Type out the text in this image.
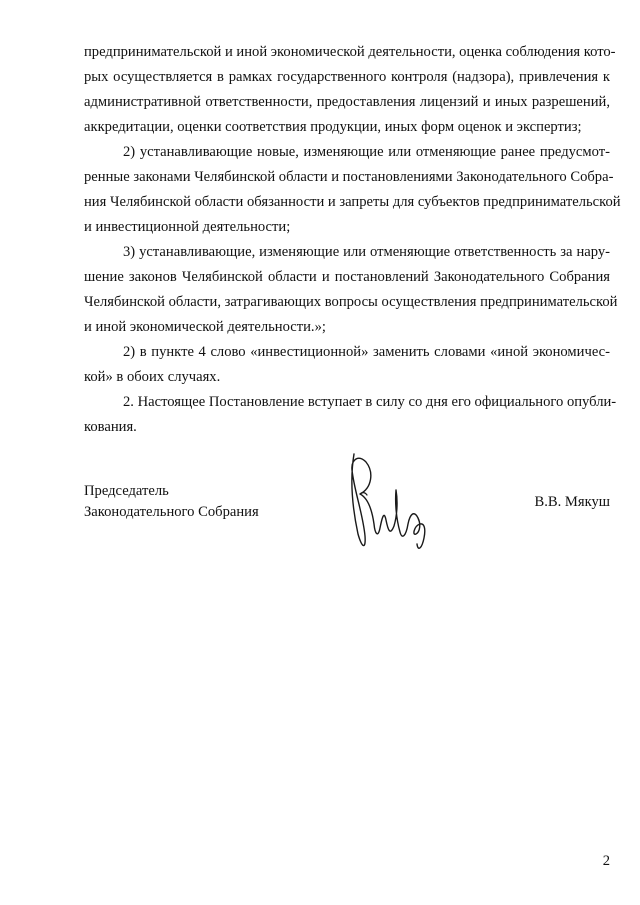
предпринимательской и иной экономической деятельности, оценка соблюдения кото-
рых осуществляется в рамках государственного контроля (надзора), привлечения к
административной ответственности, предоставления лицензий и иных разрешений,
аккредитации, оценки соответствия продукции, иных форм оценок и экспертиз;
2) устанавливающие новые, изменяющие или отменяющие ранее предусмот-
ренные законами Челябинской области и постановлениями Законодательного Собра-
ния Челябинской области обязанности и запреты для субъектов предпринимательской
и инвестиционной деятельности;
3) устанавливающие, изменяющие или отменяющие ответственность за нару-
шение законов Челябинской области и постановлений Законодательного Собрания
Челябинской области, затрагивающих вопросы осуществления предпринимательской
и иной экономической деятельности.»;
2) в пункте 4 слово «инвестиционной» заменить словами «иной экономичес-
кой» в обоих случаях.
2. Настоящее Постановление вступает в силу со дня его официального опубли-
кования.
Председатель
Законодательного Собрания
В.В. Мякуш
2
